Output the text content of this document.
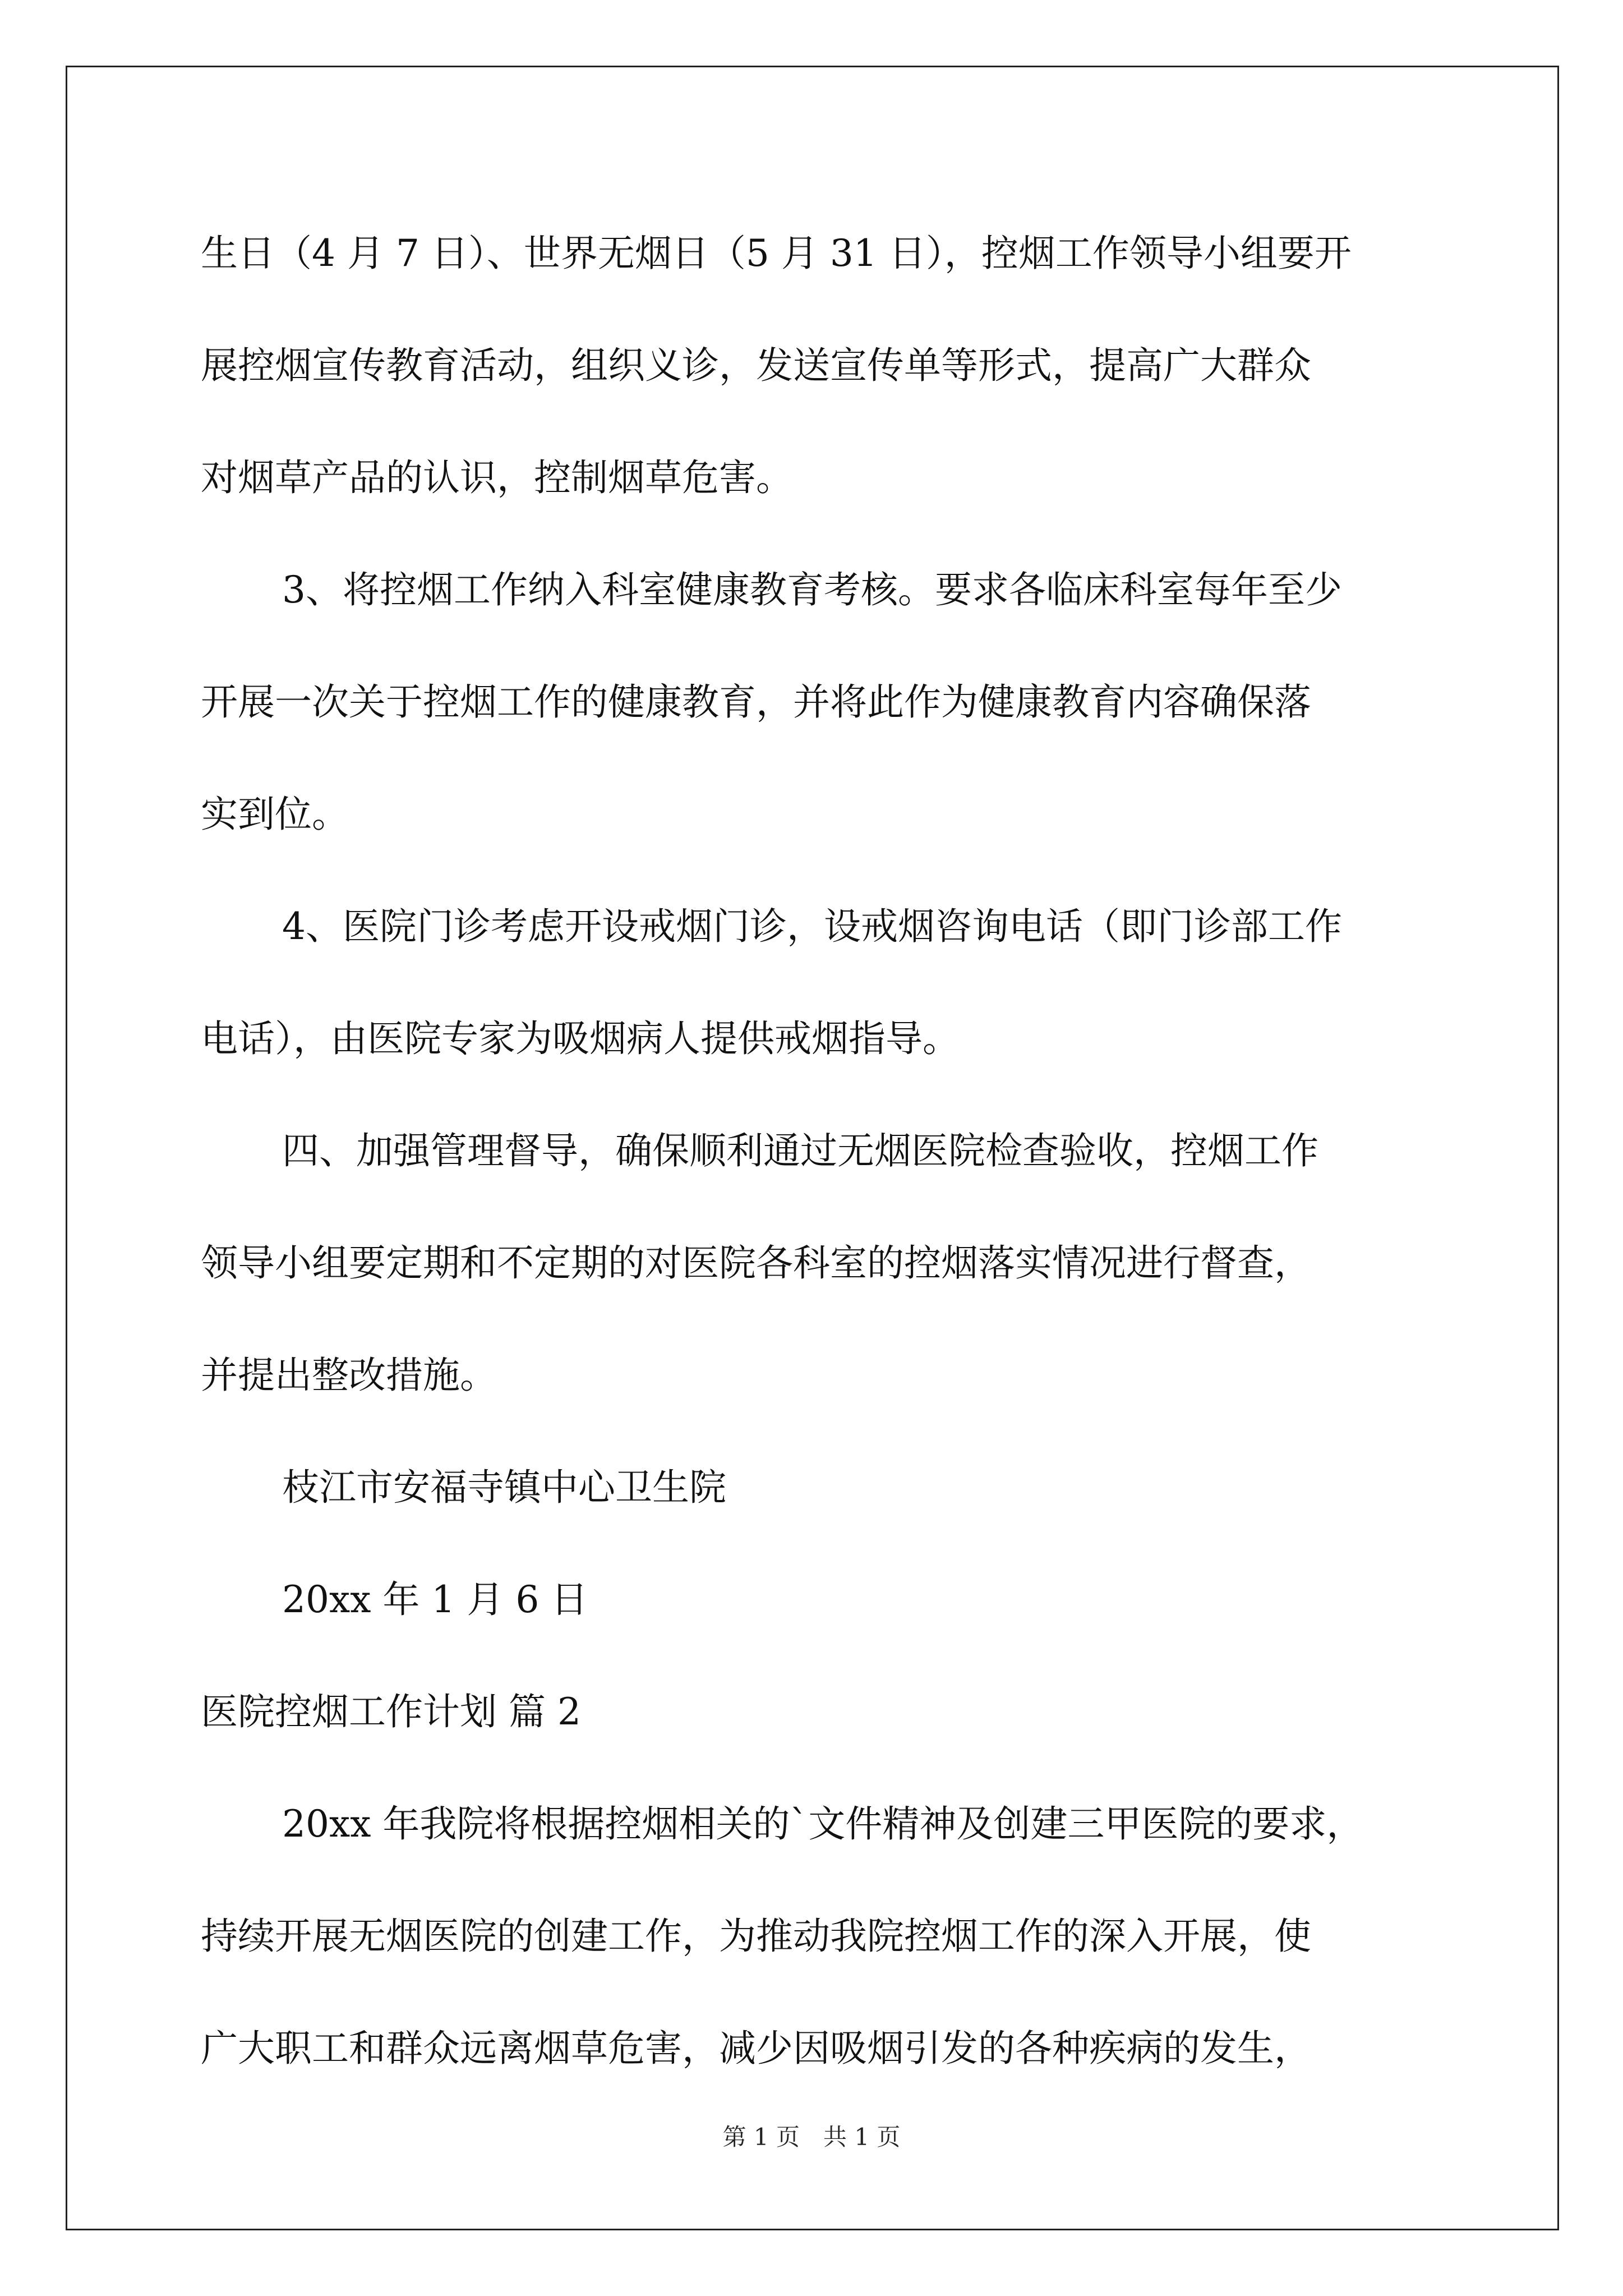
生日（4 月 7 日）、世界无烟日（5 月 31 日），控烟工作领导小组要开
展控烟宣传教育活动，组织义诊，发送宣传单等形式，提高广大群众
对烟草产品的认识，控制烟草危害。
3、将控烟工作纳入科室健康教育考核。要求各临床科室每年至少
开展一次关于控烟工作的健康教育，并将此作为健康教育内容确保落
实到位。
4、医院门诊考虑开设戒烟门诊，设戒烟咨询电话（即门诊部工作
电话），由医院专家为吸烟病人提供戒烟指导。
四、加强管理督导，确保顺利通过无烟医院检查验收，控烟工作
领导小组要定期和不定期的对医院各科室的控烟落实情况进行督查，
并提出整改措施。
枝江市安福寺镇中心卫生院
20xx 年 1 月 6 日
医院控烟工作计划 篇 2
20xx 年我院将根据控烟相关的`文件精神及创建三甲医院的要求，
持续开展无烟医院的创建工作，为推动我院控烟工作的深入开展，使
广大职工和群众远离烟草危害，减少因吸烟引发的各种疾病的发生，
第 1 页　共 1 页
